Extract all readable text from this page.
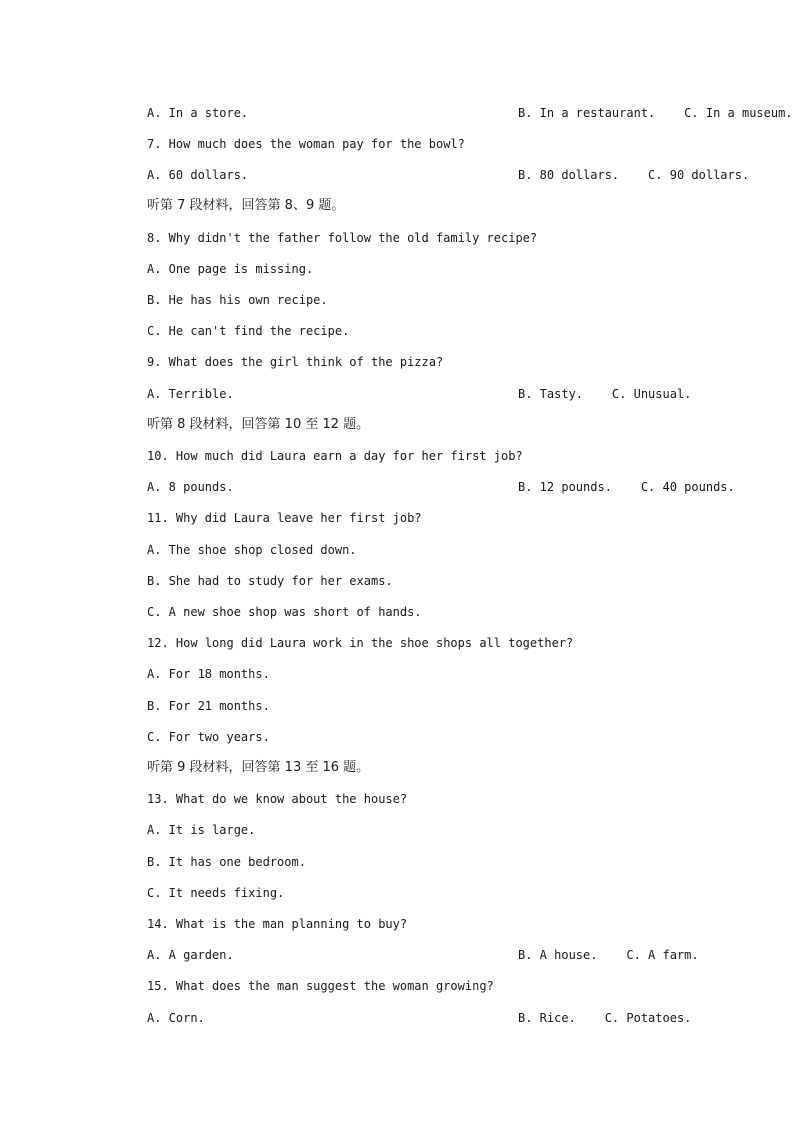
A. In a store.	B. In a restaurant.    C. In a museum.
7. How much does the woman pay for the bowl?
A. 60 dollars.	B. 80 dollars.    C. 90 dollars.
听第 7 段材料，回答第 8、9 题。
8. Why didn't the father follow the old family recipe?
A. One page is missing.
B. He has his own recipe.
C. He can't find the recipe.
9. What does the girl think of the pizza?
A. Terrible.	B. Tasty.    C. Unusual.
听第 8 段材料，回答第 10 至 12 题。
10. How much did Laura earn a day for her first job?
A. 8 pounds.	B. 12 pounds.    C. 40 pounds.
11. Why did Laura leave her first job?
A. The shoe shop closed down.
B. She had to study for her exams.
C. A new shoe shop was short of hands.
12. How long did Laura work in the shoe shops all together?
A. For 18 months.
B. For 21 months.
C. For two years.
听第 9 段材料，回答第 13 至 16 题。
13. What do we know about the house?
A. It is large.
B. It has one bedroom.
C. It needs fixing.
14. What is the man planning to buy?
A. A garden.	B. A house.    C. A farm.
15. What does the man suggest the woman growing?
A. Corn.	B. Rice.    C. Potatoes.
